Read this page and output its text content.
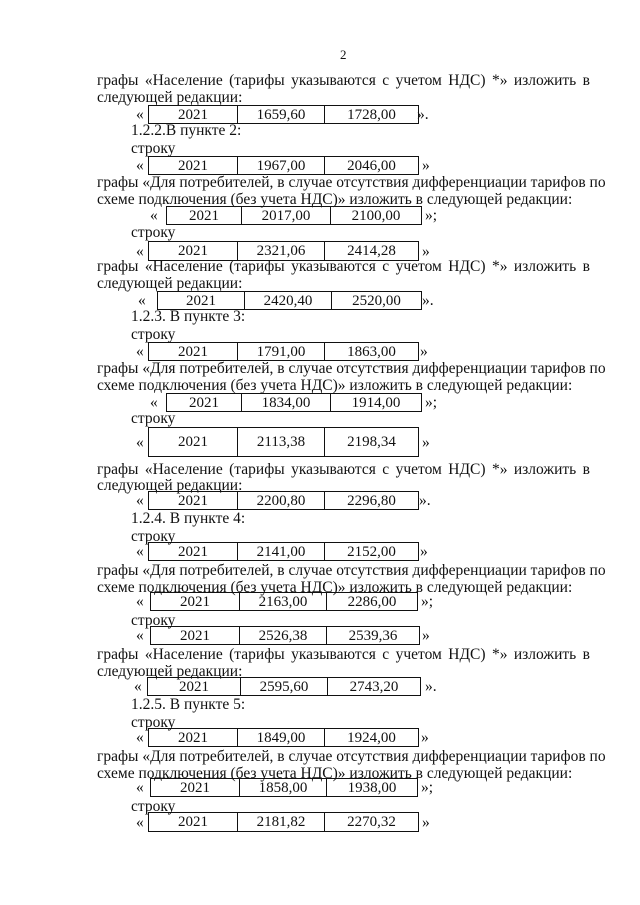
2
графы «Население (тарифы указываются с учетом НДС) *» изложить в
следующей редакции:
1.2.2.В пункте 2:
строку
графы «Для потребителей, в случае отсутствия дифференциации тарифов по
схеме подключения (без учета НДС)» изложить в следующей редакции:
строку
графы «Население (тарифы указываются с учетом НДС) *» изложить в
следующей редакции:
1.2.3. В пункте 3:
строку
графы «Для потребителей, в случае отсутствия дифференциации тарифов по
схеме подключения (без учета НДС)» изложить в следующей редакции:
строку
графы «Население (тарифы указываются с учетом НДС) *» изложить в
следующей редакции:
1.2.4. В пункте 4:
строку
графы «Для потребителей, в случае отсутствия дифференциации тарифов по
схеме подключения (без учета НДС)» изложить в следующей редакции:
строку
графы «Население (тарифы указываются с учетом НДС) *» изложить в
следующей редакции:
1.2.5. В пункте 5:
строку
графы «Для потребителей, в случае отсутствия дифференциации тарифов по
схеме подключения (без учета НДС)» изложить в следующей редакции:
строку
« 2021	1659,60	1728,00 ».
« 2021	1967,00	2046,00 »
« 2021	2017,00	2100,00 »;
« 2021	2321,06	2414,28 »
«	2021	2420,40	2520,00 ».
« 2021	1791,00	1863,00 »
« 2021	1834,00	1914,00 »;
« 2021	2113,38	2198,34 »
« 2021	2200,80	2296,80 ».
« 2021	2141,00	2152,00 »
« 2021	2163,00	2286,00 »;
« 2021	2526,38	2539,36 »
« 2021	2595,60	2743,20 ».
« 2021	1849,00	1924,00 »
« 2021	1858,00	1938,00 »;
« 2021	2181,82	2270,32 »
